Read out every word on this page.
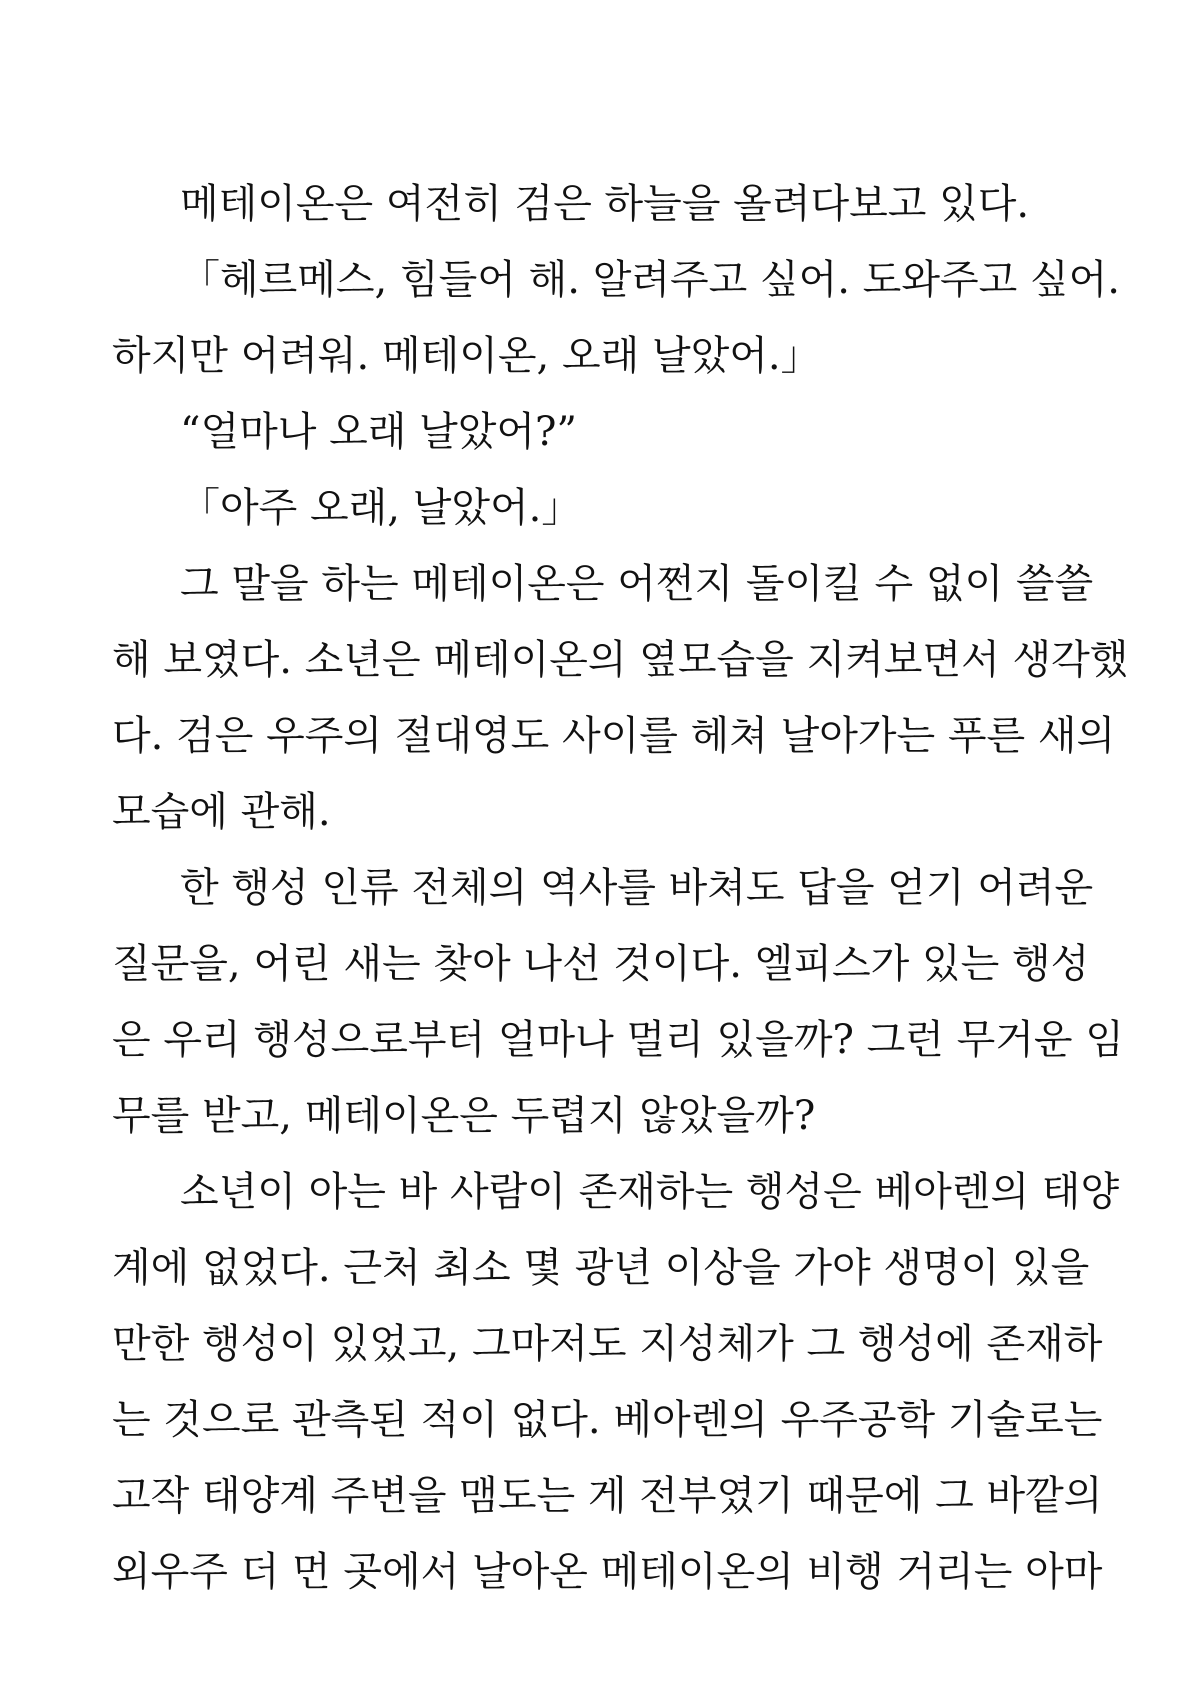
메테이온은 여전히 검은 하늘을 올려다보고 있다.
「헤르메스, 힘들어 해. 알려주고 싶어. 도와주고 싶어.
하지만 어려워. 메테이온, 오래 날았어.」
“얼마나 오래 날았어?”
「아주 오래, 날았어.」
그 말을 하는 메테이온은 어쩐지 돌이킬 수 없이 쓸쓸
해 보였다. 소년은 메테이온의 옆모습을 지켜보면서 생각했
다. 검은 우주의 절대영도 사이를 헤쳐 날아가는 푸른 새의
모습에 관해.
한 행성 인류 전체의 역사를 바쳐도 답을 얻기 어려운
질문을, 어린 새는 찾아 나선 것이다. 엘피스가 있는 행성
은 우리 행성으로부터 얼마나 멀리 있을까? 그런 무거운 임
무를 받고, 메테이온은 두렵지 않았을까?
소년이 아는 바 사람이 존재하는 행성은 베아렌의 태양
계에 없었다. 근처 최소 몇 광년 이상을 가야 생명이 있을
만한 행성이 있었고, 그마저도 지성체가 그 행성에 존재하
는 것으로 관측된 적이 없다. 베아렌의 우주공학 기술로는
고작 태양계 주변을 맴도는 게 전부였기 때문에 그 바깥의
외우주 더 먼 곳에서 날아온 메테이온의 비행 거리는 아마
